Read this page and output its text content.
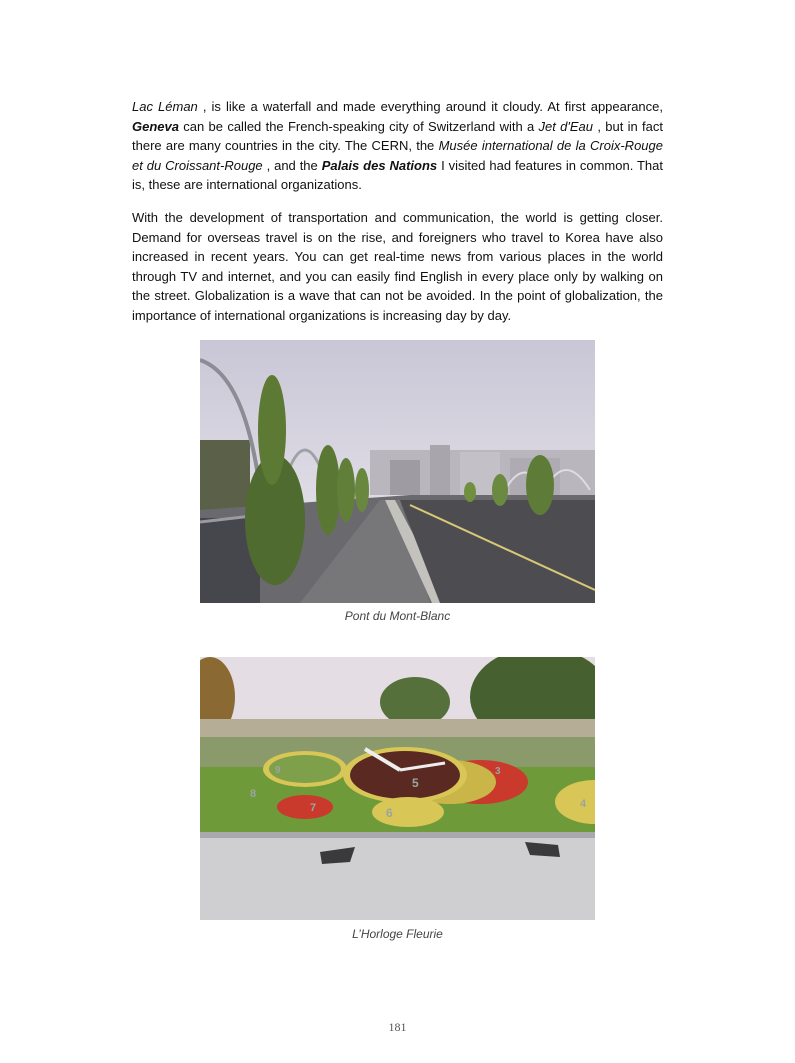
Lac Léman , is like a waterfall and made everything around it cloudy. At first appearance, Geneva can be called the French-speaking city of Switzerland with a Jet d'Eau , but in fact there are many countries in the city. The CERN, the Musée international de la Croix-Rouge et du Croissant-Rouge , and the Palais des Nations I visited had features in common. That is, these are international organizations.

With the development of transportation and communication, the world is getting closer. Demand for overseas travel is on the rise, and foreigners who travel to Korea have also increased in recent years. You can get real-time news from various places in the world through TV and internet, and you can easily find English in every place only by walking on the street. Globalization is a wave that can not be avoided. In the point of globalization, the importance of international organizations is increasing day by day.

Pont du Mont-Blanc

5
6
7
8
9	3
4

L’Horloge Fleurie

181
